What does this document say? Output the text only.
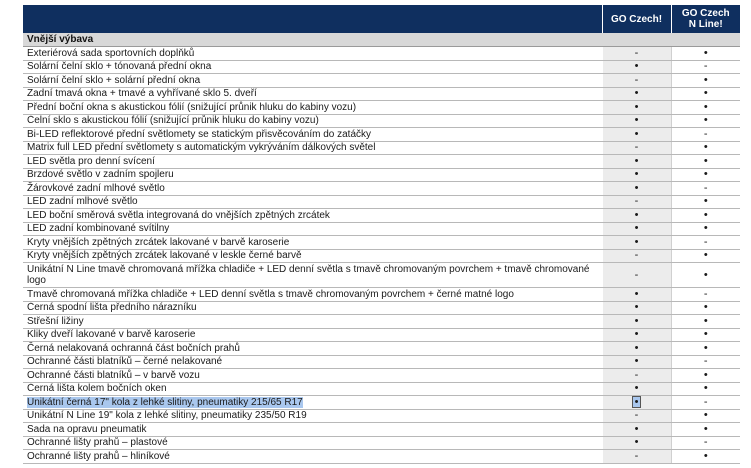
	GO Czech!	GO Czech
N Line!
Vnější výbava		
Exteriérová sada sportovních doplňků	-	•
Solární čelní sklo + tónovaná přední okna	•	-
Solární čelní sklo + solární přední okna	-	•
Zadní tmavá okna + tmavé a vyhřívané sklo 5. dveří	•	•
Přední boční okna s akustickou fólií (snižující průnik hluku do kabiny vozu)	•	•
Čelní sklo s akustickou fólií (snižující průnik hluku do kabiny vozu)	•	•
Bi-LED reflektorové přední světlomety se statickým přisvěcováním do zatáčky	•	-
Matrix full LED přední světlomety s automatickým vykrýváním dálkových světel	-	•
LED světla pro denní svícení	•	•
Brzdové světlo v zadním spojleru	•	•
Žárovkové zadní mlhové světlo	•	-
LED zadní mlhové světlo	-	•
LED boční směrová světla integrovaná do vnějších zpětných zrcátek	•	•
LED zadní kombinované svítilny	•	•
Kryty vnějších zpětných zrcátek lakované v barvě karoserie	•	-
Kryty vnějších zpětných zrcátek lakované v leskle černé barvě	-	•
Unikátní N Line tmavě chromovaná mřížka chladiče + LED denní světla s tmavě chromovaným povrchem + tmavě chromované logo	-	•
Tmavě chromovaná mřížka chladiče + LED denní světla s tmavě chromovaným povrchem + černé matné logo	•	-
Černá spodní lišta předního nárazníku	•	•
Střešní ližiny	•	•
Kliky dveří lakované v barvě karoserie	•	•
Černá nelakovaná ochranná část bočních prahů	•	•
Ochranné části blatníků – černé nelakované	•	-
Ochranné části blatníků – v barvě vozu	-	•
Černá lišta kolem bočních oken	•	•
Unikátní černá 17" kola z lehké slitiny, pneumatiky 215/65 R17	•	-
Unikátní N Line 19" kola z lehké slitiny, pneumatiky 235/50 R19	-	•
Sada na opravu pneumatik	•	•
Ochranné lišty prahů – plastové	•	-
Ochranné lišty prahů – hliníkové	-	•
